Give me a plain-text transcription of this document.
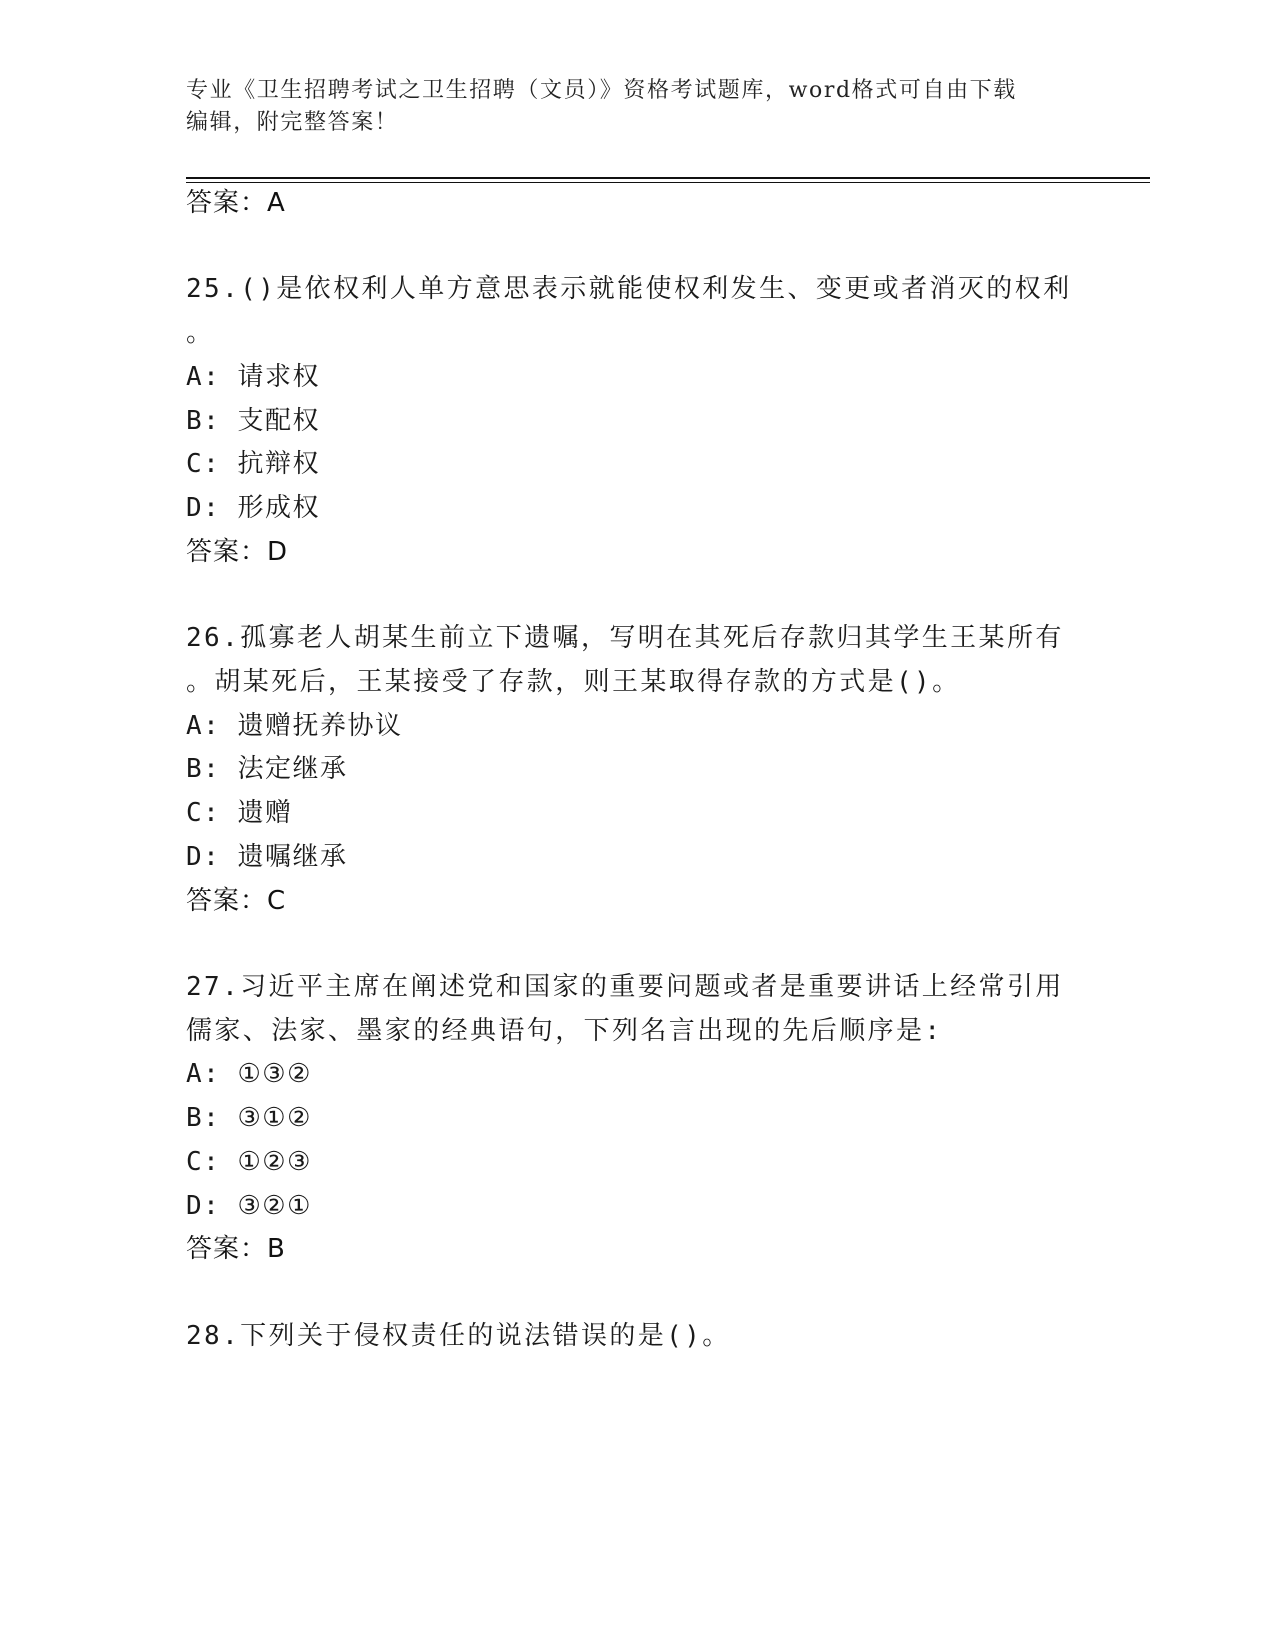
专业《卫生招聘考试之卫生招聘（文员）》资格考试题库，word格式可自由下载
编辑，附完整答案！
答案：A
25.()是依权利人单方意思表示就能使权利发生、变更或者消灭的权利
。
A: 请求权
B: 支配权
C: 抗辩权
D: 形成权
答案：D
26.孤寡老人胡某生前立下遗嘱，写明在其死后存款归其学生王某所有
。胡某死后，王某接受了存款，则王某取得存款的方式是()。
A: 遗赠抚养协议
B: 法定继承
C: 遗赠
D: 遗嘱继承
答案：C
27.习近平主席在阐述党和国家的重要问题或者是重要讲话上经常引用
儒家、法家、墨家的经典语句，下列名言出现的先后顺序是:
A: ①③②
B: ③①②
C: ①②③
D: ③②①
答案：B
28.下列关于侵权责任的说法错误的是()。
